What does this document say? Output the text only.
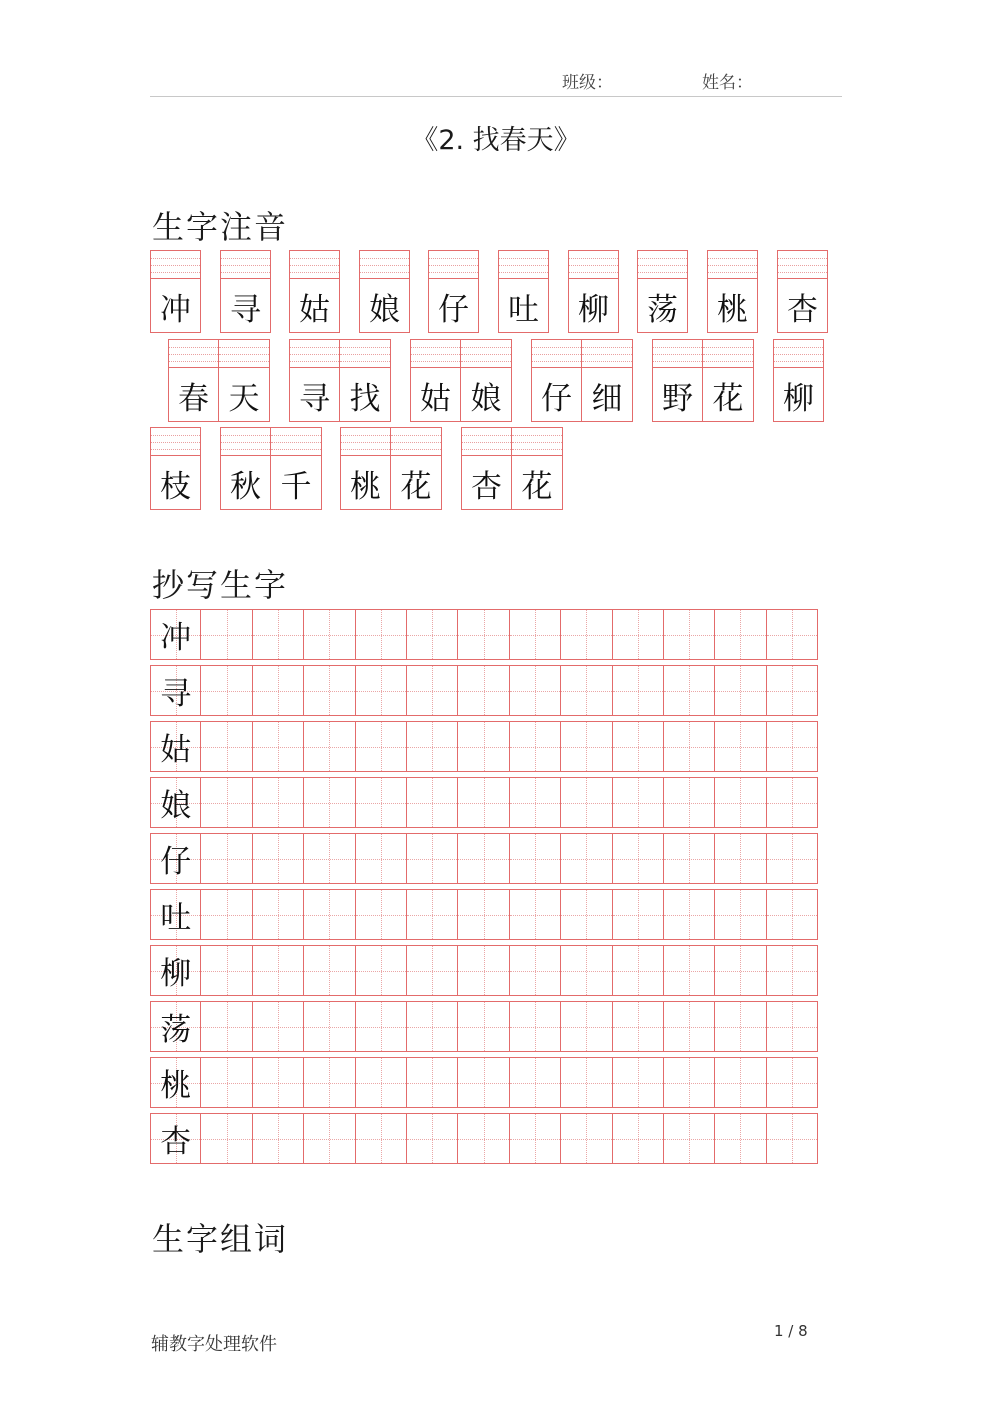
班级：	姓名：
《2. 找春天》
生字注音
冲 寻 姑 娘 仔 吐 柳 荡 桃 杏
春 天	寻 找	姑 娘	仔 细	野 花	柳
枝 秋 千	桃 花	杏 花
抄写生字
冲
寻
姑
娘
仔
吐
柳
荡
桃
杏
生字组词
辅教字处理软件
1 / 8
